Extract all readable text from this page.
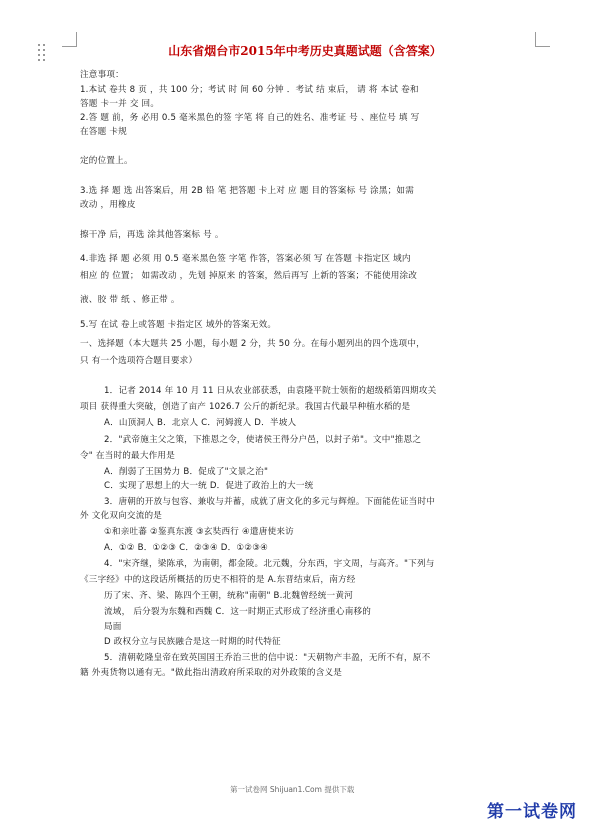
山东省烟台市2015年中考历史真题试题（含答案）
注意事项：
1.本试 卷共 8 页 ，共 100 分；考试 时 间 60 分钟 ．考试 结 束后， 请 将 本试 卷和
答题 卡一并 交 回。
2.答 题 前，务 必用 0.5 毫米黑色的签 字笔 将 自己的姓名、准考证 号 、座位号 填 写
在答题 卡规
定的位置上。
3.选 择 题 选 出答案后，用 2B 铅 笔 把答题 卡上对 应 题 目的答案标 号 涂黑；如需
改动 ，用橡皮
擦干净 后，再选 涂其他答案标 号 。
4.非选 择 题 必须 用 0.5 毫米黑色签 字笔 作答，答案必须 写 在答题 卡指定区 域内
相应 的 位置； 如需改动 ，先划 掉原来 的答案，然后再写 上新的答案；不能使用涂改
液、胶 带 纸 、修正带 。
5.写 在试 卷上或答题 卡指定区 域外的答案无效。
一、选择题（本大题共 25 小题，每小题 2 分，共 50 分。在每小题列出的四个选项中，
只 有一个选项符合题目要求）
1．记者 2014 年 10 月 11 日从农业部获悉，由袁隆平院士领衔的超级稻第四期攻关
项目 获得重大突破，创造了亩产 1026.7 公斤的新纪录。我国古代最早种植水稻的是
A．山顶洞人 B．北京人 C．河姆渡人 D．半坡人
2．"武帝施主父之策，下推恩之令，使诸侯王得分户邑，以封子弟"。文中"推恩之
令" 在当时的最大作用是
A．削弱了王国势力 B．促成了"文景之治"
C．实现了思想上的大一统 D．促进了政治上的大一统
3．唐朝的开放与包容、兼收与并蓄，成就了唐文化的多元与辉煌。下面能佐证当时中
外 文化双向交流的是
①和亲吐蕃 ②鉴真东渡 ③玄奘西行 ④遣唐使来访
A．①② B．①②③ C．②③④ D．①②③④
4．"宋齐继，梁陈承，为南朝，都金陵。北元魏，分东西，宇文周，与高齐。"下列与
《三字经》中的这段话所概括的历史不相符的是 A.东晋结束后，南方经
历了宋、齐、梁、陈四个王朝，统称"南朝" B.北魏曾经统一黄河
流域， 后分裂为东魏和西魏 C．这一时期正式形成了经济重心南移的
局面
D 政权分立与民族融合是这一时期的时代特征
5．清朝乾隆皇帝在致英国国王乔治三世的信中说："天朝物产丰盈，无所不有，原不
籍 外夷货物以通有无。"做此指出清政府所采取的对外政策的含义是
第一试卷网 Shijuan1.Com 提供下载
第一试卷网
